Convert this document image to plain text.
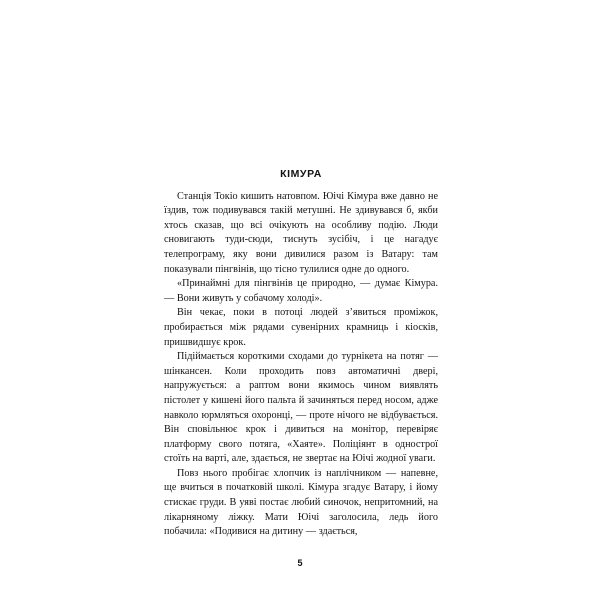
КІМУРА

Станція Токіо кишить натовпом. Юічі Кімура вже давно не їздив, тож подивувався такій метушні. Не здивувався б, якби хтось сказав, що всі очікують на особливу подію. Люди сновигають туди-сюди, тиснуть зусібіч, і це нагадує телепрограму, яку вони дивилися разом із Ватару: там показували пінгвінів, що тісно тулилися одне до одного.

«Принаймні для пінгвінів це природно, — думає Кімура. — Вони живуть у собачому холоді».

Він чекає, поки в потоці людей з’явиться проміжок, пробирається між рядами сувенірних крамниць і кіосків, пришвидшує крок.

Підіймається короткими сходами до турнікета на потяг — шінкансен. Коли проходить повз автоматичні двері, напружується: а раптом вони якимось чином виявлять пістолет у кишені його пальта й зачиняться перед носом, адже навколо юрмляться охоронці, — проте нічого не відбувається. Він сповільнює крок і дивиться на монітор, перевіряє платформу свого потяга, «Хаяте». Поліціянт в однострої стоїть на варті, але, здається, не звертає на Юічі жодної уваги.

Повз нього пробігає хлопчик із наплічником — напевне, ще вчиться в початковій школі. Кімура згадує Ватару, і йому стискає груди. В уяві постає любий синочок, непритомний, на лікарняному ліжку. Мати Юічі заголосила, ледь його побачила: «Подивися на дитину — здається,

5
